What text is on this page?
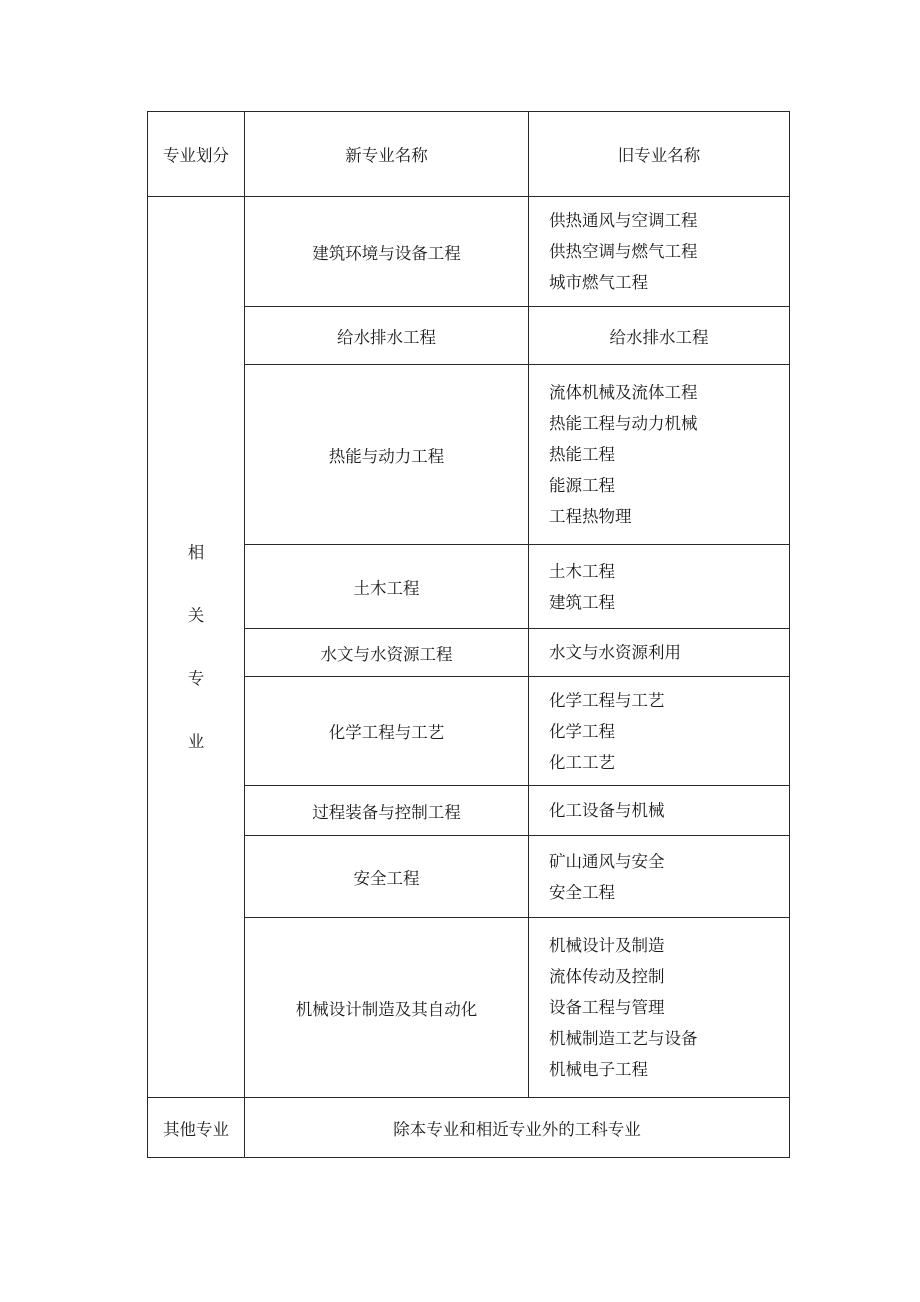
专业划分	新专业名称	旧专业名称

相
关
专
业
	建筑环境与设备工程	
供热通风与空调工程
供热空调与燃气工程
城市燃气工程

	给水排水工程	给水排水工程

	热能与动力工程	流体机械及流体工程
热能工程与动力机械
热能工程
能源工程
工程热物理

	土木工程	土木工程
建筑工程

	水文与水资源工程	水文与水资源利用

	化学工程与工艺	化学工程与工艺
化学工程
化工工艺

	过程装备与控制工程	化工设备与机械

	安全工程	矿山通风与安全
安全工程

	机械设计制造及其自动化	机械设计及制造
流体传动及控制
设备工程与管理
机械制造工艺与设备
机械电子工程

其他专业	除本专业和相近专业外的工科专业	
